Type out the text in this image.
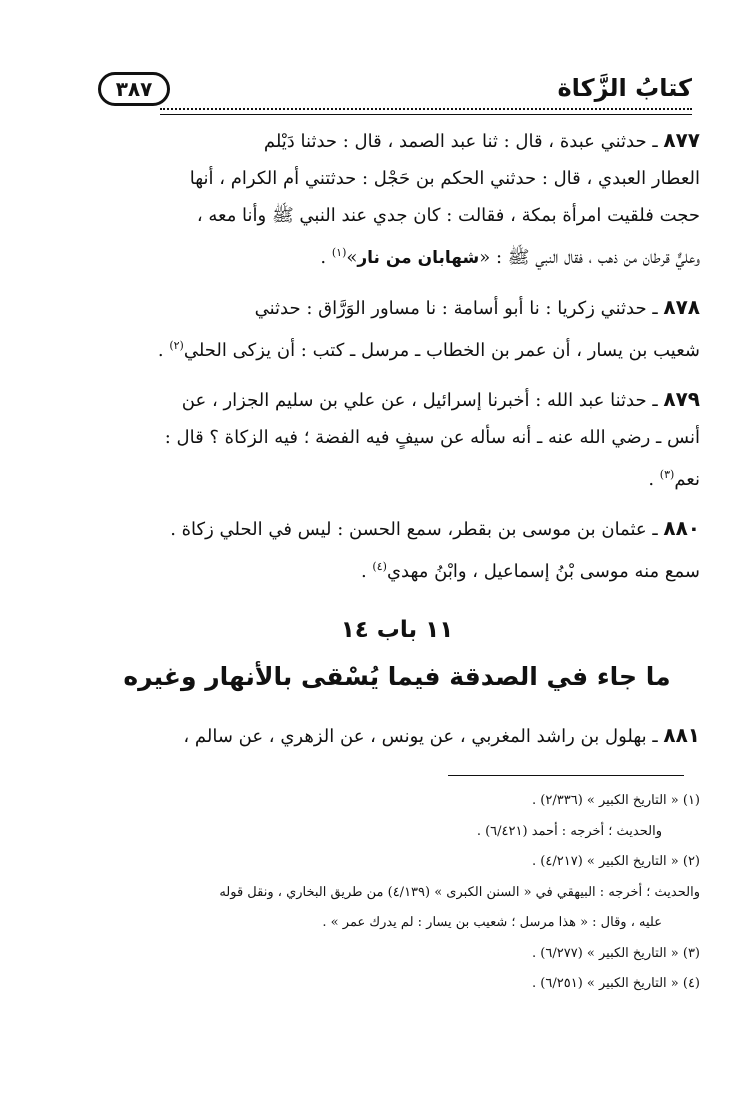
كتابُ الزَّكاة
٣٨٧

٨٧٧ ـ حدثني عبدة ، قال : ثنا عبد الصمد ، قال : حدثنا دَيْلم

العطار العبدي ، قال : حدثني الحكم بن حَجْل : حدثتني أم الكرام ، أنها

حجت فلقيت امرأة بمكة ، فقالت : كان جدي عند النبي ﷺ وأنا معه ،

وعليٌّ قرطان من ذهب ، فقال النبي ﷺ : «شهابان من نار»$^{(١)}$ .

٨٧٨ ـ حدثني زكريا : نا أبو أسامة : نا مساور الوَرَّاق : حدثني

شعيب بن يسار ، أن عمر بن الخطاب ـ مرسل ـ كتب : أن يزكى الحلي$^{(٢)}$ .

٨٧٩ ـ حدثنا عبد الله : أخبرنا إسرائيل ، عن علي بن سليم الجزار ، عن

أنس ـ رضي الله عنه ـ أنه سأله عن سيفٍ فيه الفضة ؛ فيه الزكاة ؟ قال :

نعم$^{(٣)}$ .

٨٨٠ ـ عثمان بن موسى بن بقطر، سمع الحسن : ليس في الحلي زكاة .

سمع منه موسى بْنُ إسماعيل ، وابْنُ مهدي$^{(٤)}$ .

١١ باب ١٤
ما جاء في الصدقة فيما يُسْقى بالأنهار وغيره

٨٨١ ـ بهلول بن راشد المغربي ، عن يونس ، عن الزهري ، عن سالم ،

(١) « التاريخ الكبير » (٢/٣٣٦) .
والحديث ؛ أخرجه : أحمد (٦/٤٢١) .
(٢) « التاريخ الكبير » (٤/٢١٧) .
والحديث ؛ أخرجه : البيهقي في « السنن الكبرى » (٤/١٣٩) من طريق البخاري ، ونقل قوله
عليه ، وقال : « هذا مرسل ؛ شعيب بن يسار : لم يدرك عمر » .
(٣) « التاريخ الكبير » (٦/٢٧٧) .
(٤) « التاريخ الكبير » (٦/٢٥١) .
